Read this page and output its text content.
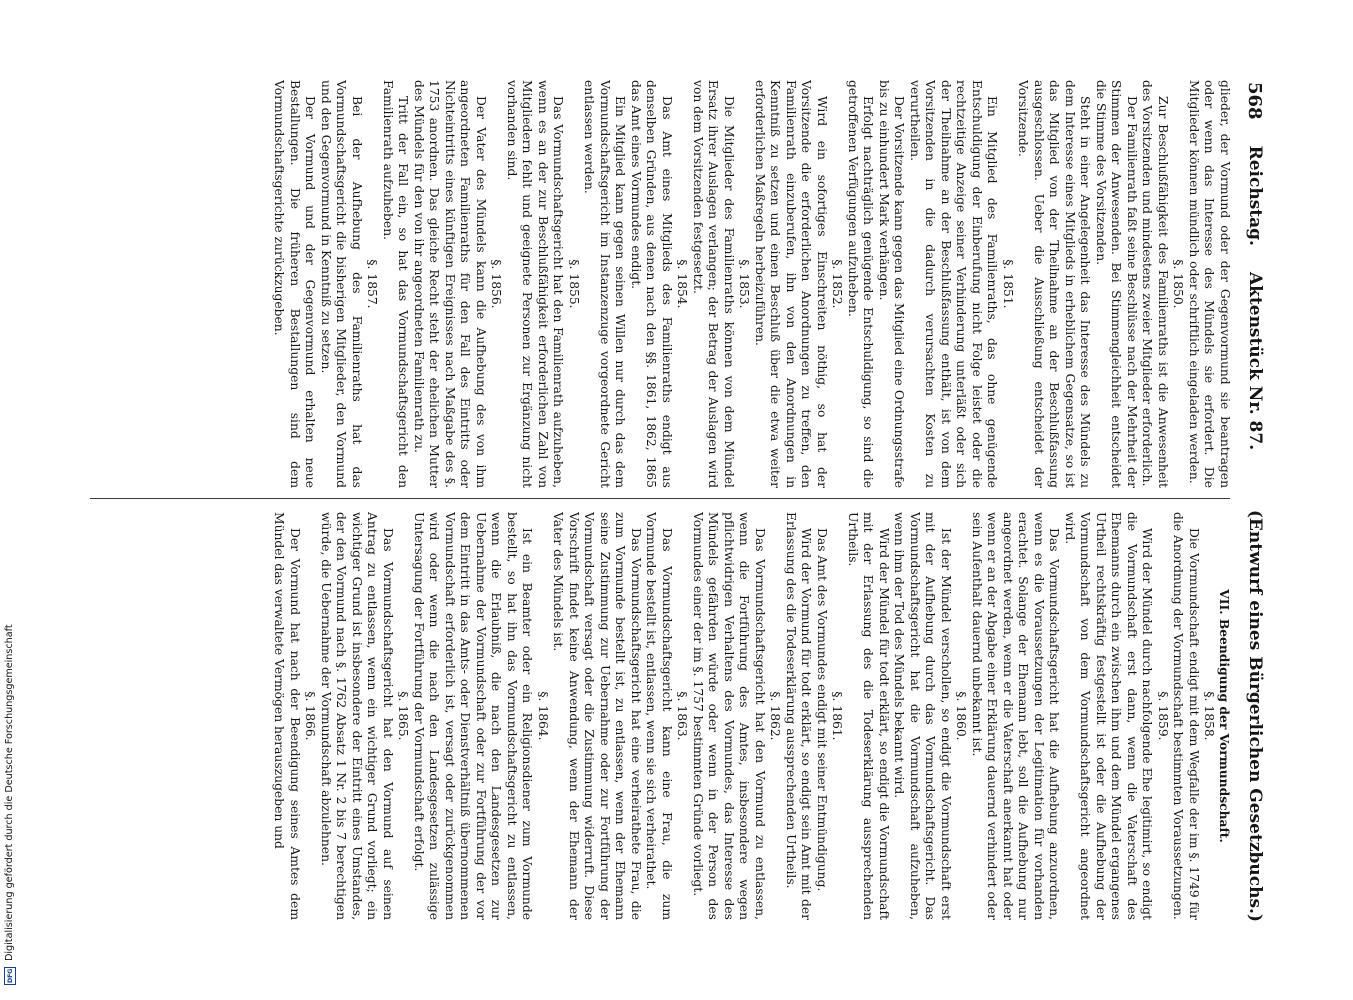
DFG
Digitalisierung gefördert durch die Deutsche Forschungsgemeinschaft
568
Reichstag.
Aktenstück Nr. 87.
(Entwurf eines Bürgerlichen Gesetzbuchs.)

glieder, der Vormund oder der Gegenvormund sie beantragen oder wenn das Interesse des Mündels sie erfordert. Die Mitglieder können mündlich oder schriftlich eingeladen werden.

§. 1850.

Zur Beschlußfähigkeit des Familienraths ist die Anwesenheit des Vorsitzenden und mindestens zweier Mitglieder erforderlich.

Der Familienrath faßt seine Beschlüsse nach der Mehrheit der Stimmen der Anwesenden. Bei Stimmengleichheit entscheidet die Stimme des Vorsitzenden.

Steht in einer Angelegenheit das Interesse des Mündels zu dem Interesse eines Mitglieds in erheblichem Gegensatze, so ist das Mitglied von der Theilnahme an der Beschlußfassung ausgeschlossen. Ueber die Ausschließung entscheidet der Vorsitzende.

§. 1851.

Ein Mitglied des Familienraths, das ohne genügende Entschuldigung der Einberufung nicht Folge leistet oder die rechtzeitige Anzeige seiner Verhinderung unterläßt oder sich der Theilnahme an der Beschlußfassung enthält, ist von dem Vorsitzenden in die dadurch verursachten Kosten zu verurtheilen.

Der Vorsitzende kann gegen das Mitglied eine Ordnungsstrafe bis zu einhundert Mark verhängen.

Erfolgt nachträglich genügende Entschuldigung, so sind die getroffenen Verfügungen aufzuheben.

§. 1852.

Wird ein sofortiges Einschreiten nöthig, so hat der Vorsitzende die erforderlichen Anordnungen zu treffen, den Familienrath einzuberufen, ihn von den Anordnungen in Kenntniß zu setzen und einen Beschluß über die etwa weiter erforderlichen Maßregeln herbeizuführen.

§. 1853.

Die Mitglieder des Familienraths können von dem Mündel Ersatz ihrer Auslagen verlangen; der Betrag der Auslagen wird von dem Vorsitzenden festgesetzt.

§. 1854.

Das Amt eines Mitglieds des Familienraths endigt aus denselben Gründen, aus denen nach den §§. 1861, 1862, 1865 das Amt eines Vormundes endigt.

Ein Mitglied kann gegen seinen Willen nur durch das dem Vormundschaftsgericht im Instanzenzuge vorgeordnete Gericht entlassen werden.

§. 1855.

Das Vormundschaftsgericht hat den Familienrath aufzuheben, wenn es an der zur Beschlußfähigkeit erforderlichen Zahl von Mitgliedern fehlt und geeignete Personen zur Ergänzung nicht vorhanden sind.

§. 1856.

Der Vater des Mündels kann die Aufhebung des von ihm angeordneten Familienraths für den Fall des Eintritts oder Nichteintritts eines künftigen Ereignisses nach Maßgabe des §. 1753 anordnen. Das gleiche Recht steht der ehelichen Mutter des Mündels für den von ihr angeordneten Familienrath zu.

Tritt der Fall ein, so hat das Vormundschaftsgericht den Familienrath aufzuheben.

§. 1857.

Bei der Aufhebung des Familienraths hat das Vormundschaftsgericht die bisherigen Mitglieder, den Vormund und den Gegenvormund in Kenntniß zu setzen.

Der Vormund und der Gegenvormund erhalten neue Bestallungen. Die früheren Bestallungen sind dem Vormundschaftsgerichte zurückzugeben.

VII. Beendigung der Vormundschaft.

§. 1858.

Die Vormundschaft endigt mit dem Wegfalle der im §. 1749 für die Anordnung der Vormundschaft bestimmten Voraussetzungen.

§. 1859.

Wird der Mündel durch nachfolgende Ehe legitimirt, so endigt die Vormundschaft erst dann, wenn die Vaterschaft des Ehemanns durch ein zwischen ihm und dem Mündel ergangenes Urtheil rechtskräftig festgestellt ist oder die Aufhebung der Vormundschaft von dem Vormundschaftsgericht angeordnet wird.

Das Vormundschaftsgericht hat die Aufhebung anzuordnen, wenn es die Voraussetzungen der Legitimation für vorhanden erachtet. Solange der Ehemann lebt, soll die Aufhebung nur angeordnet werden, wenn er die Vaterschaft anerkannt hat oder wenn er an der Abgabe einer Erklärung dauernd verhindert oder sein Aufenthalt dauernd unbekannt ist.

§. 1860.

Ist der Mündel verschollen, so endigt die Vormundschaft erst mit der Aufhebung durch das Vormundschaftsgericht. Das Vormundschaftsgericht hat die Vormundschaft aufzuheben, wenn ihm der Tod des Mündels bekannt wird.

Wird der Mündel für todt erklärt, so endigt die Vormundschaft mit der Erlassung des die Todeserklärung aussprechenden Urtheils.

§. 1861.

Das Amt des Vormundes endigt mit seiner Entmündigung.

Wird der Vormund für todt erklärt, so endigt sein Amt mit der Erlassung des die Todeserklärung aussprechenden Urtheils.

§. 1862.

Das Vormundschaftsgericht hat den Vormund zu entlassen, wenn die Fortführung des Amtes, insbesondere wegen pflichtwidrigen Verhaltens des Vormundes, das Interesse des Mündels gefährden würde oder wenn in der Person des Vormundes einer der im §. 1757 bestimmten Gründe vorliegt.

§. 1863.

Das Vormundschaftsgericht kann eine Frau, die zum Vormunde bestellt ist, entlassen, wenn sie sich verheirathet.

Das Vormundschaftsgericht hat eine verheirathete Frau, die zum Vormunde bestellt ist, zu entlassen, wenn der Ehemann seine Zustimmung zur Uebernahme oder zur Fortführung der Vormundschaft versagt oder die Zustimmung widerruft. Diese Vorschrift findet keine Anwendung, wenn der Ehemann der Vater des Mündels ist.

§. 1864.

Ist ein Beamter oder ein Religionsdiener zum Vormunde bestellt, so hat ihn das Vormundschaftsgericht zu entlassen, wenn die Erlaubniß, die nach den Landesgesetzen zur Uebernahme der Vormundschaft oder zur Fortführung der vor dem Eintritt in das Amts- oder Dienstverhältniß übernommenen Vormundschaft erforderlich ist, versagt oder zurückgenommen wird oder wenn die nach den Landesgesetzen zulässige Untersagung der Fortführung der Vormundschaft erfolgt.

§. 1865.

Das Vormundschaftsgericht hat den Vormund auf seinen Antrag zu entlassen, wenn ein wichtiger Grund vorliegt; ein wichtiger Grund ist insbesondere der Eintritt eines Umstandes, der den Vormund nach §. 1762 Absatz 1 Nr. 2 bis 7 berechtigen würde, die Uebernahme der Vormundschaft abzulehnen.

§. 1866.

Der Vormund hat nach der Beendigung seines Amtes dem Mündel das verwaltete Vermögen herauszugeben und
